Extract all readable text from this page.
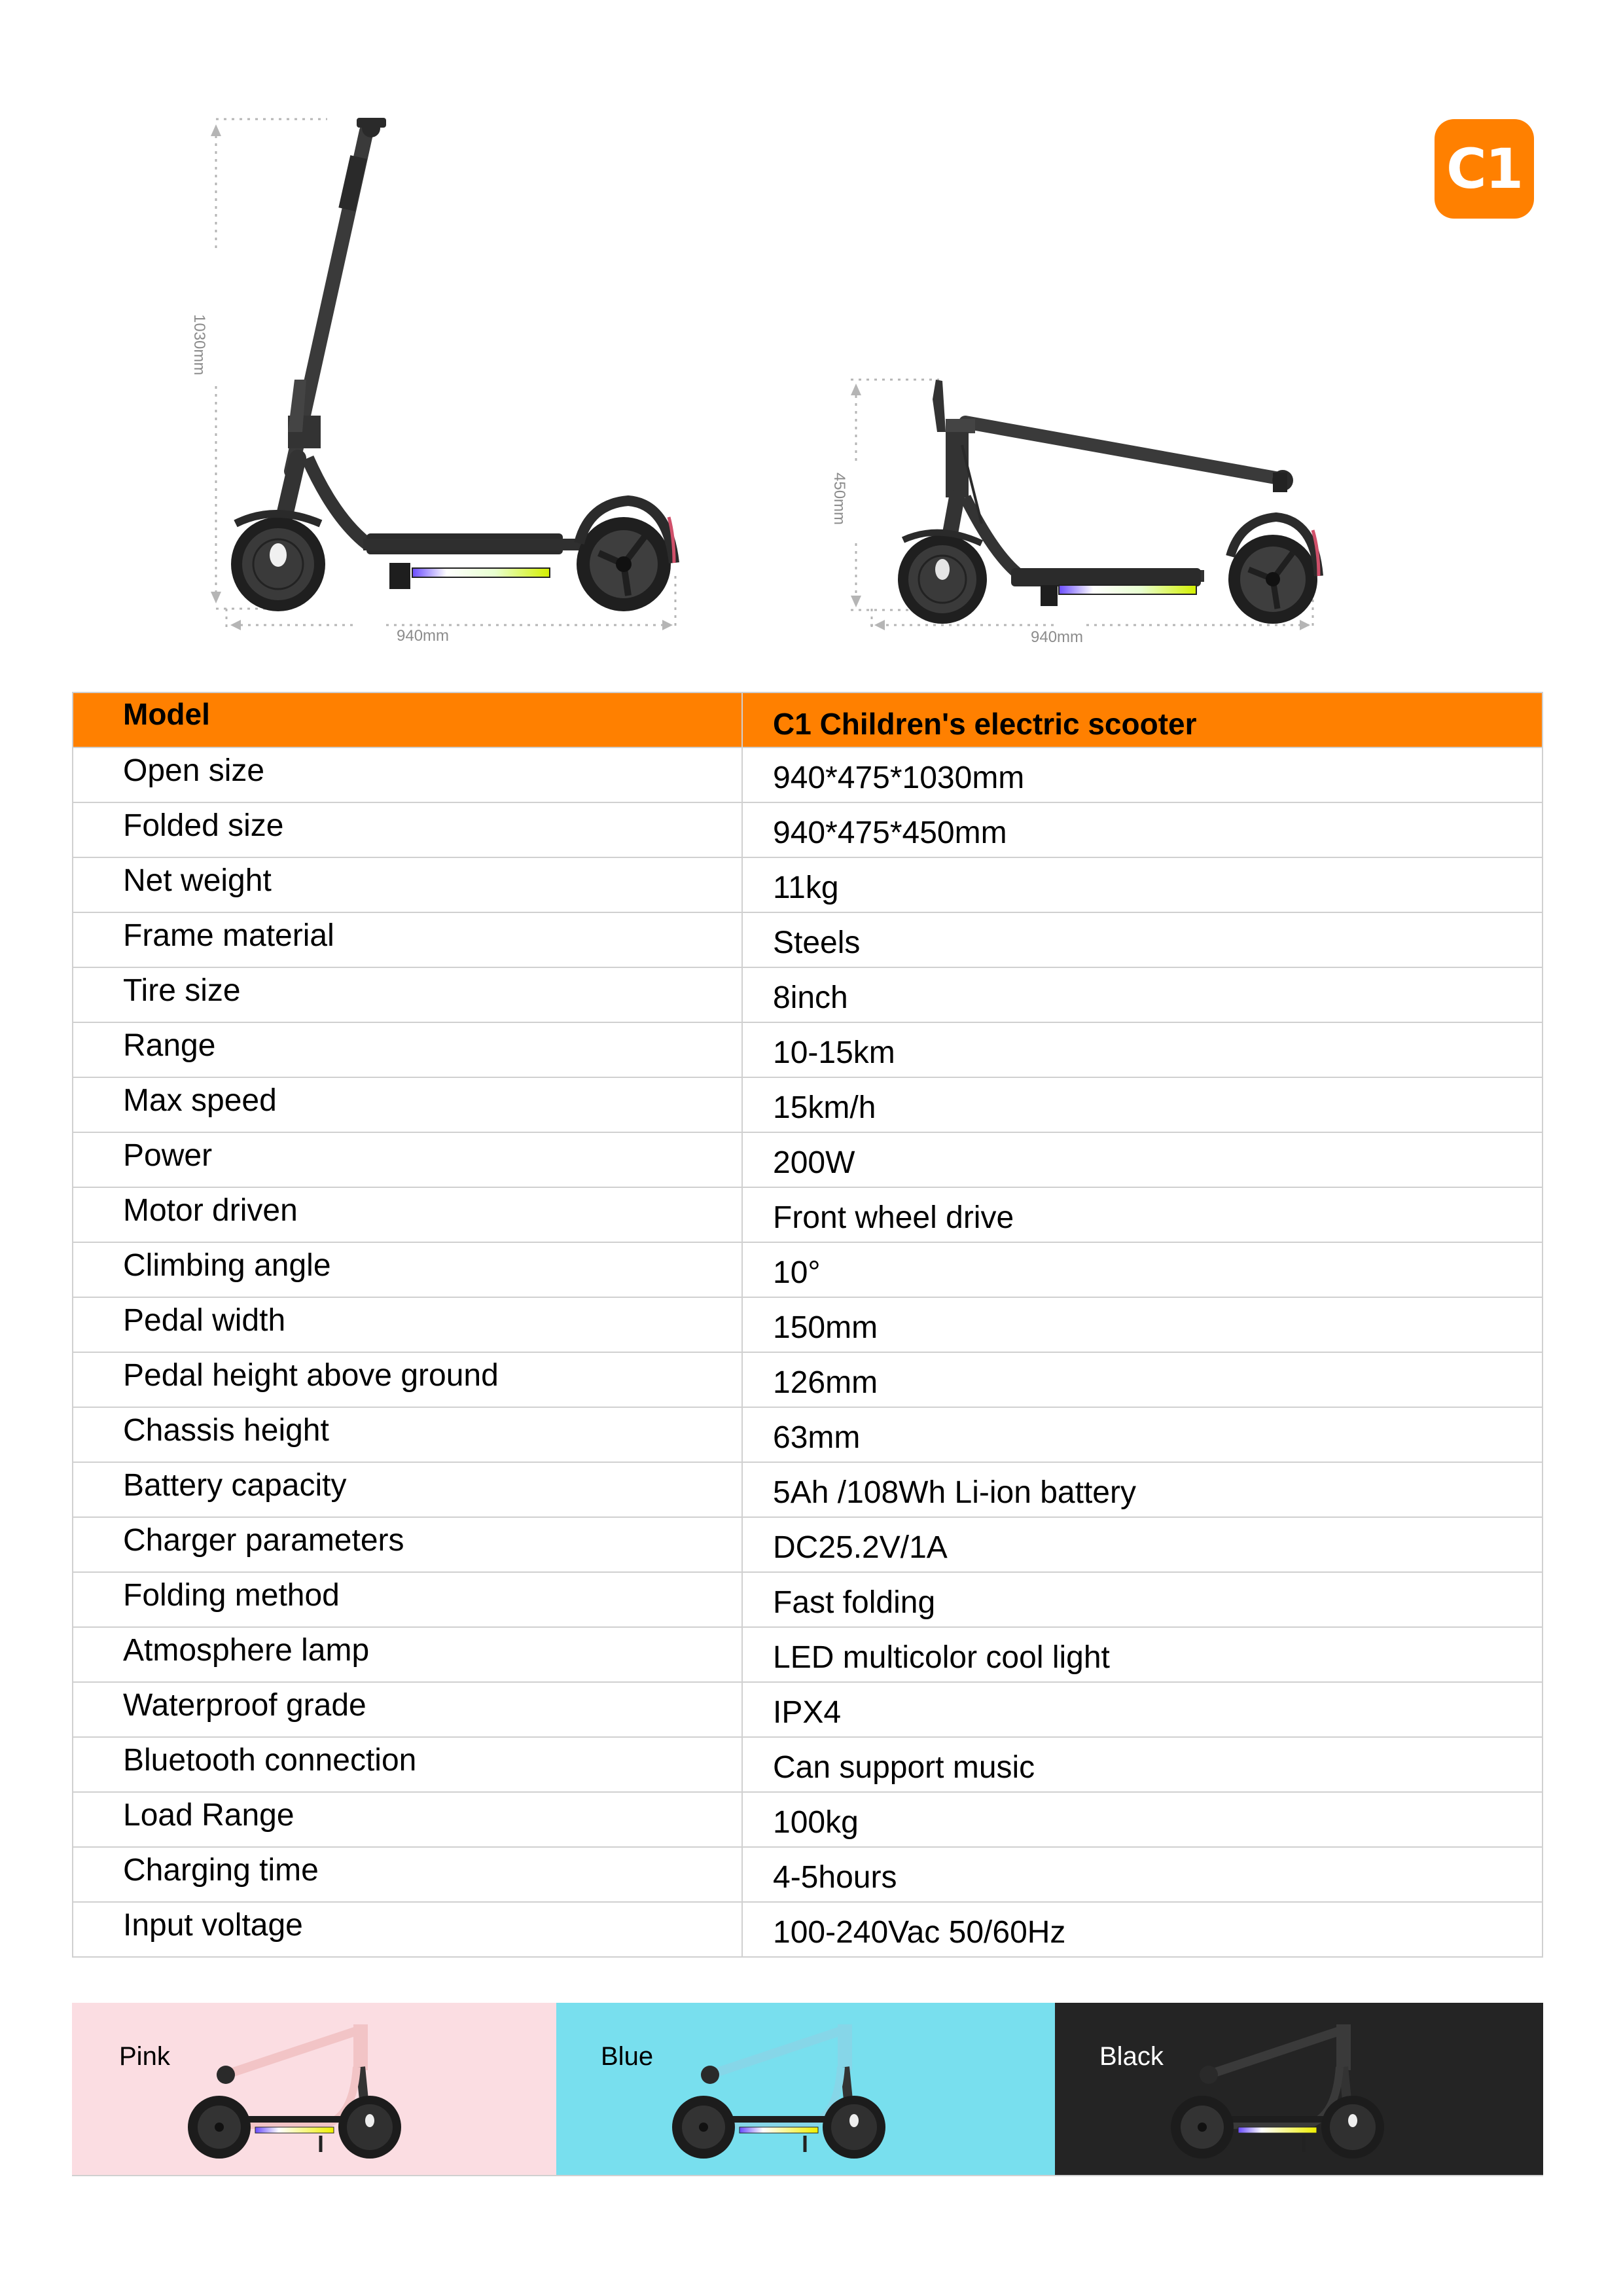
C1
1030mm
940mm
450mm
940mm
Model	C1 Children's electric scooter
Open size	940*475*1030mm
Folded size	940*475*450mm
Net weight	11kg
Frame material	Steels
Tire size	8inch
Range	10-15km
Max speed	15km/h
Power	200W
Motor driven	Front wheel drive
Climbing angle	10°
Pedal width	150mm
Pedal height above ground	126mm
Chassis height	63mm
Battery capacity	5Ah /108Wh Li-ion battery
Charger parameters	DC25.2V/1A
Folding method	Fast folding
Atmosphere lamp	LED multicolor cool light
Waterproof grade	IPX4
Bluetooth connection	Can support music
Load Range	100kg
Charging time	4-5hours
Input voltage	100-240Vac 50/60Hz
Pink	Blue	Black
